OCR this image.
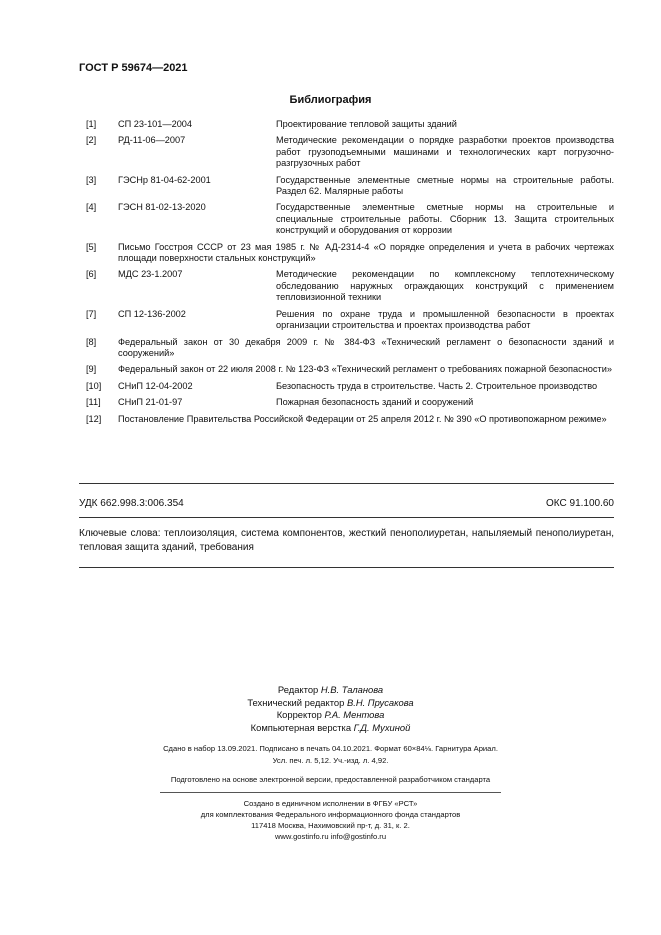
ГОСТ Р 59674—2021
Библиография
[1]	СП 23-101—2004	Проектирование тепловой защиты зданий
[2]	РД-11-06—2007	Методические рекомендации о порядке разработки проектов производства работ грузоподъемными машинами и технологических карт погрузочно-разгрузочных работ
[3]	ГЭСНр 81-04-62-2001	Государственные элементные сметные нормы на строительные работы. Раздел 62. Малярные работы
[4]	ГЭСН 81-02-13-2020	Государственные элементные сметные нормы на строительные и специальные строительные работы. Сборник 13. Защита строительных конструкций и оборудования от коррозии
[5]	Письмо Госстроя СССР от 23 мая 1985 г. № АД-2314-4 «О порядке определения и учета в рабочих чертежах площади поверхности стальных конструкций»
[6]	МДС 23-1.2007	Методические рекомендации по комплексному теплотехническому обследованию наружных ограждающих конструкций с применением тепловизионной техники
[7]	СП 12-136-2002	Решения по охране труда и промышленной безопасности в проектах организации строительства и проектах производства работ
[8]	Федеральный закон от 30 декабря 2009 г. № 384-ФЗ «Технический регламент о безопасности зданий и сооружений»
[9]	Федеральный закон от 22 июля 2008 г. № 123-ФЗ «Технический регламент о требованиях пожарной безопасности»
[10]	СНиП 12-04-2002	Безопасность труда в строительстве. Часть 2. Строительное производство
[11]	СНиП 21-01-97	Пожарная безопасность зданий и сооружений
[12]	Постановление Правительства Российской Федерации от 25 апреля 2012 г. № 390 «О противопожарном режиме»
УДК 662.998.3:006.354	ОКС 91.100.60
Ключевые слова: теплоизоляция, система компонентов, жесткий пенополиуретан, напыляемый пенополиуретан, тепловая защита зданий, требования
Редактор Н.В. Таланова
Технический редактор В.Н. Прусакова
Корректор Р.А. Ментова
Компьютерная верстка Г.Д. Мухиной
Сдано в набор 13.09.2021. Подписано в печать 04.10.2021. Формат 60×84⅛. Гарнитура Ариал.
Усл. печ. л. 5,12. Уч.-изд. л. 4,92.
Подготовлено на основе электронной версии, предоставленной разработчиком стандарта
Создано в единичном исполнении в ФГБУ «РСТ»
для комплектования Федерального информационного фонда стандартов
117418 Москва, Нахимовский пр-т, д. 31, к. 2.
www.gostinfo.ru info@gostinfo.ru
